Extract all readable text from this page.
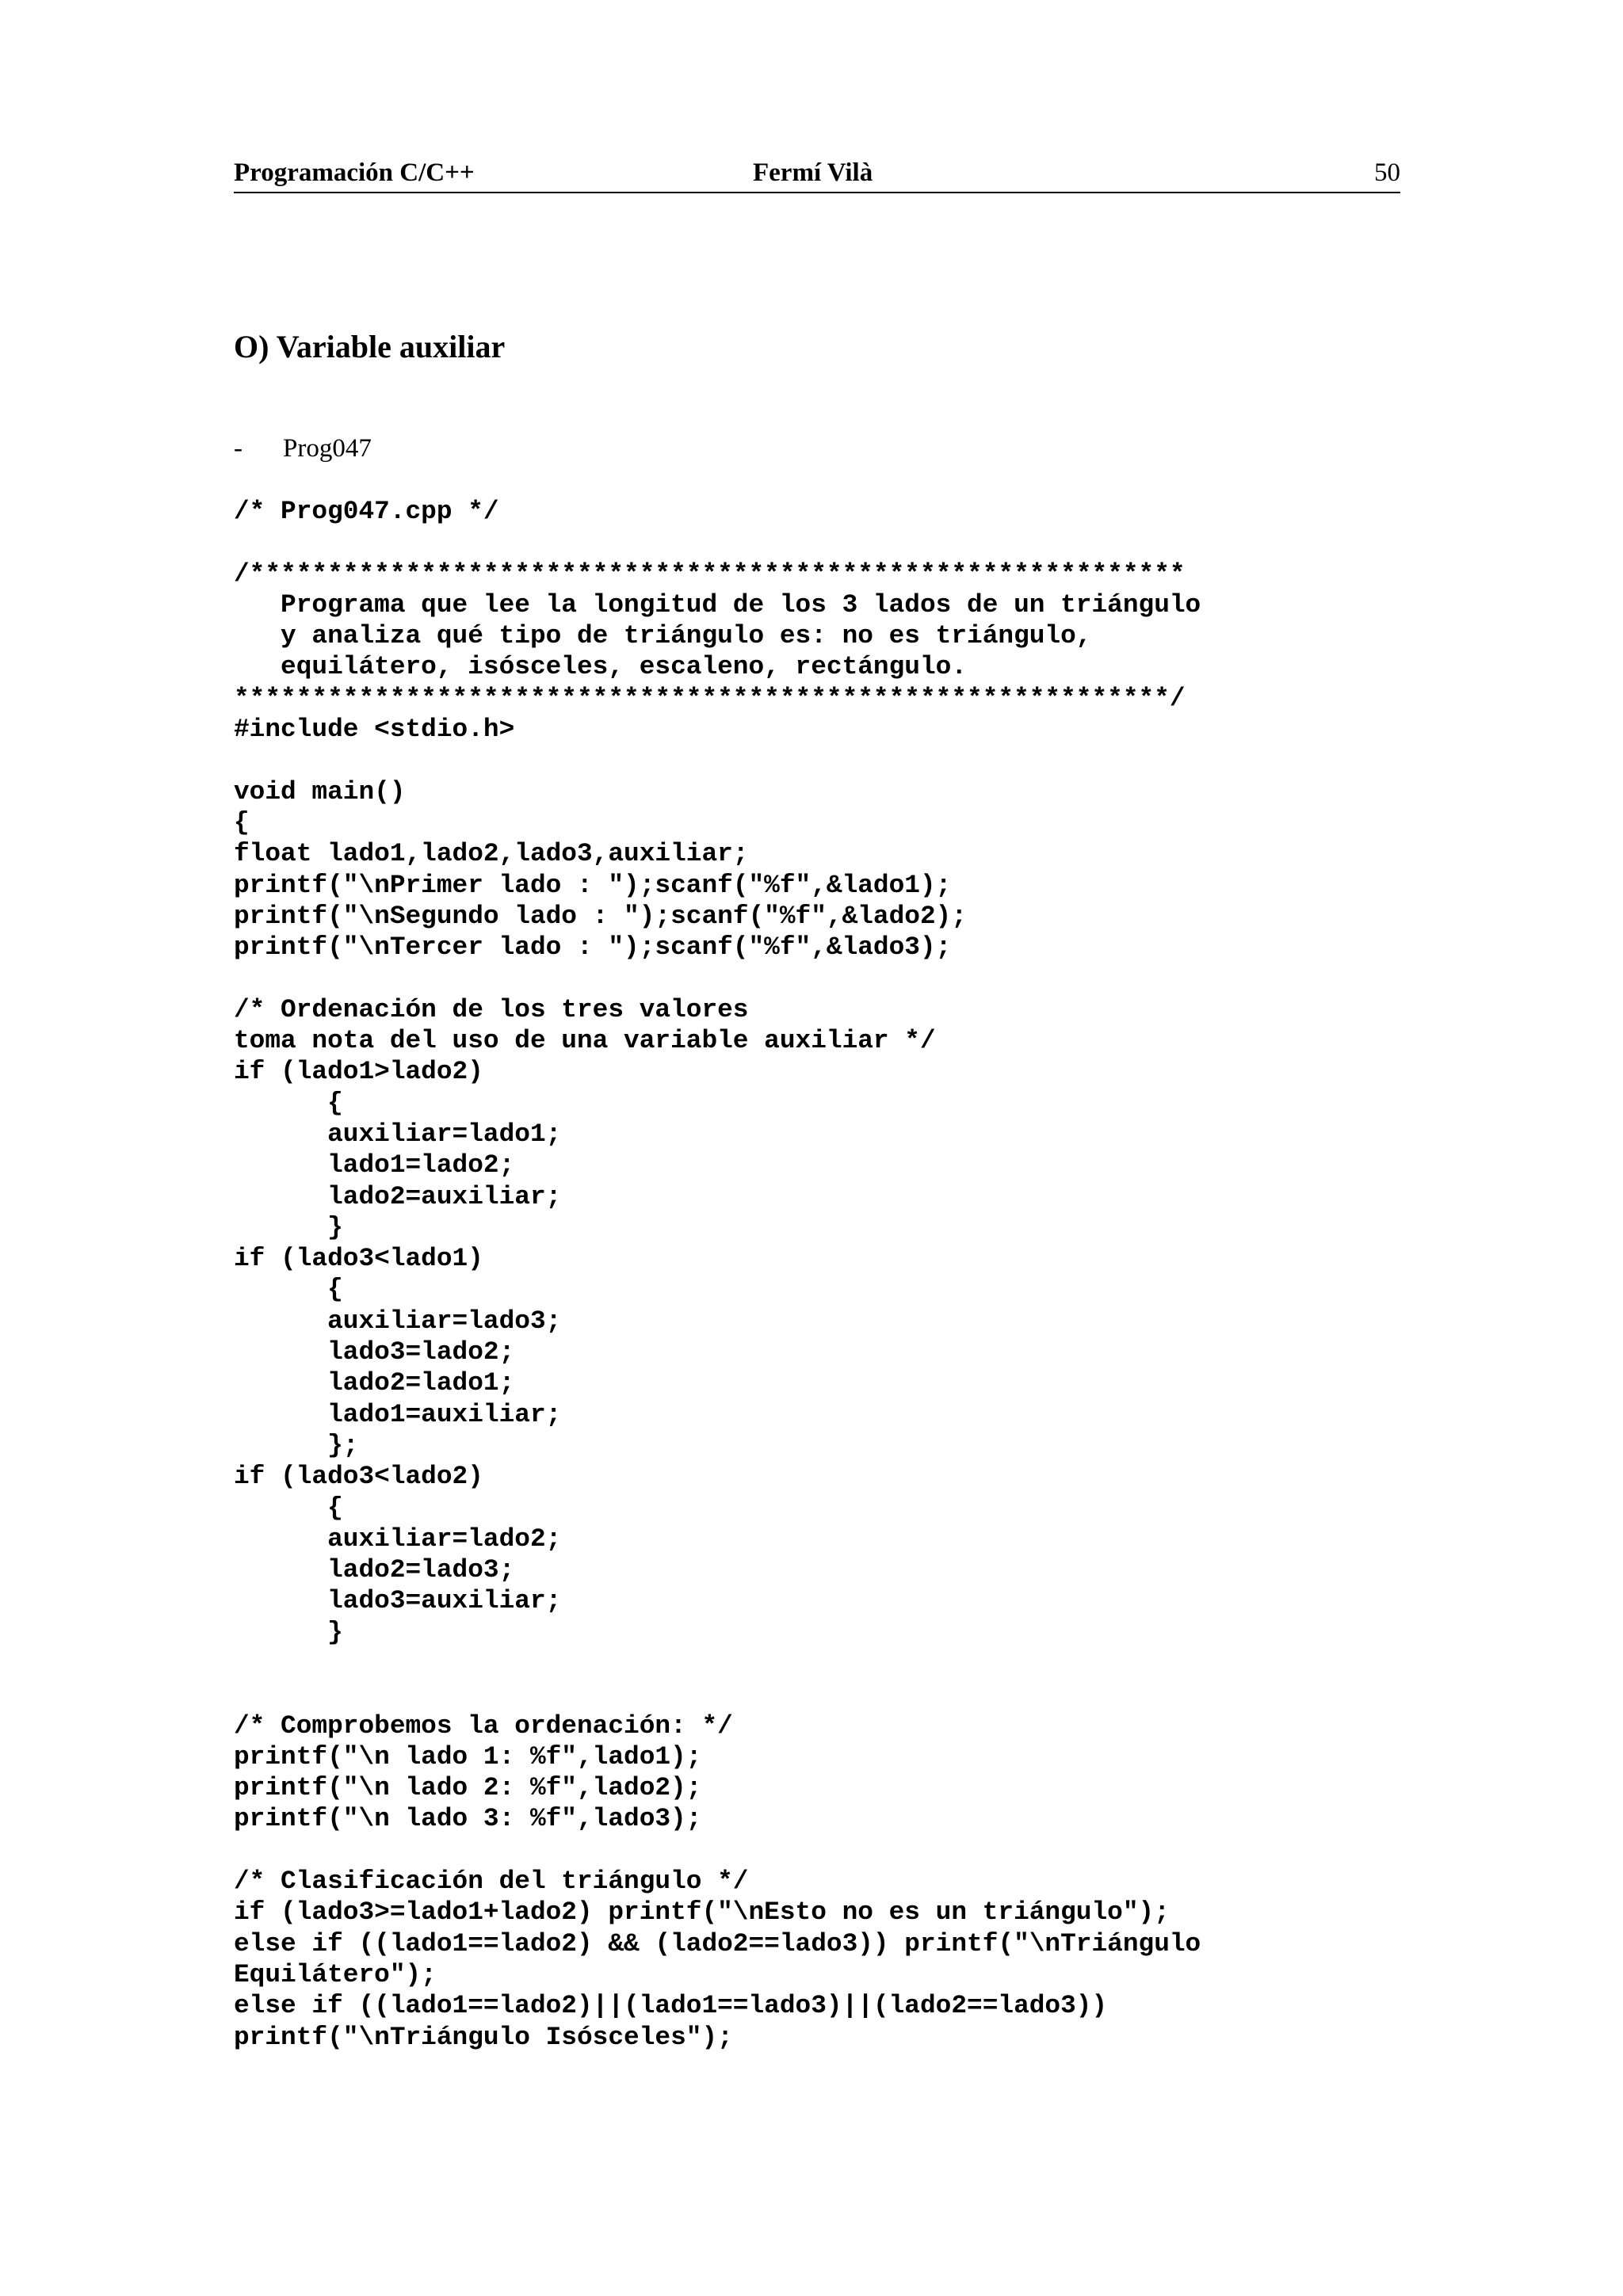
Programación C/C++	Fermí Vilà	50
O) Variable auxiliar
- Prog047
/* Prog047.cpp */
/************************************************************
Programa que lee la longitud de los 3 lados de un triángulo
y analiza qué tipo de triángulo es: no es triángulo,
equilátero, isósceles, escaleno, rectángulo.
************************************************************/
#include <stdio.h>
void main()
{
float lado1,lado2,lado3,auxiliar;
printf("\nPrimer lado : ");scanf("%f",&lado1);
printf("\nSegundo lado : ");scanf("%f",&lado2);
printf("\nTercer lado : ");scanf("%f",&lado3);
/* Ordenación de los tres valores
toma nota del uso de una variable auxiliar */
if (lado1>lado2)
{
auxiliar=lado1;
lado1=lado2;
lado2=auxiliar;
}
if (lado3<lado1)
{
auxiliar=lado3;
lado3=lado2;
lado2=lado1;
lado1=auxiliar;
};
if (lado3<lado2)
{
auxiliar=lado2;
lado2=lado3;
lado3=auxiliar;
}
/* Comprobemos la ordenación: */
printf("\n lado 1: %f",lado1);
printf("\n lado 2: %f",lado2);
printf("\n lado 3: %f",lado3);
/* Clasificación del triángulo */
if (lado3>=lado1+lado2) printf("\nEsto no es un triángulo");
else if ((lado1==lado2) && (lado2==lado3)) printf("\nTriángulo
Equilátero");
else if ((lado1==lado2)||(lado1==lado3)||(lado2==lado3))
printf("\nTriángulo Isósceles");
